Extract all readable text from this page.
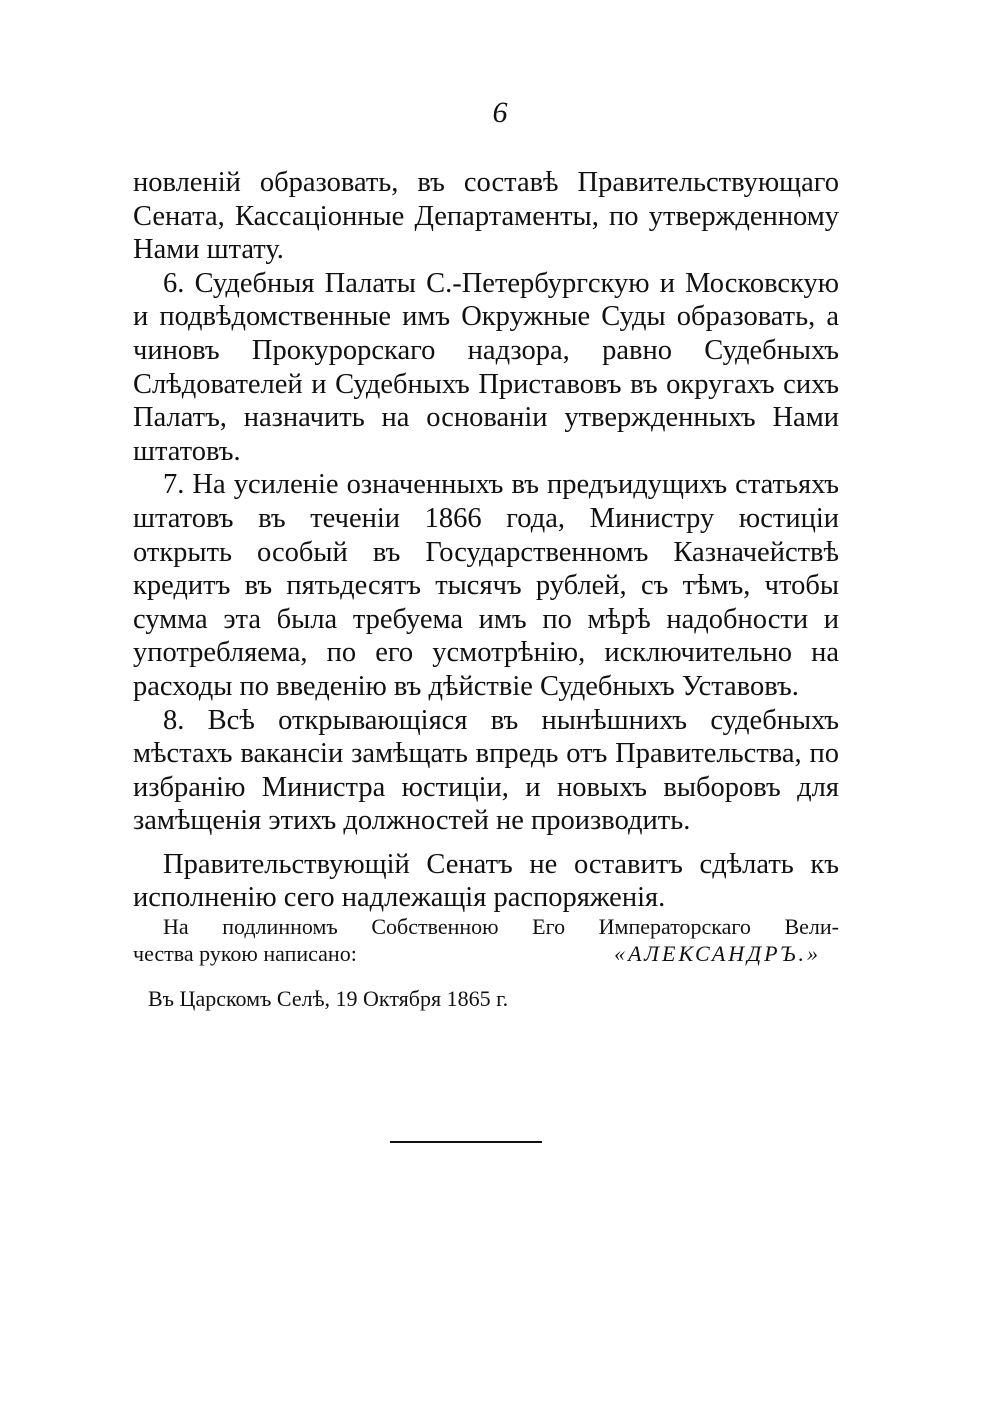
6

новленій образовать, въ составѣ Правительствующаго Сената, Кассаціонные Департаменты, по утвержденному Нами штату.

6. Судебныя Палаты С.-Петербургскую и Московскую и подвѣдомственные имъ Окружные Суды образовать, а чиновъ Прокурорскаго надзора, равно Судебныхъ Слѣдователей и Судебныхъ Приставовъ въ округахъ сихъ Палатъ, назначить на основаніи утвержденныхъ Нами штатовъ.

7. На усиленіе означенныхъ въ предъидущихъ статьяхъ штатовъ въ теченіи 1866 года, Министру юстиціи открыть особый въ Государственномъ Казначействѣ кредитъ въ пятьдесятъ тысячъ рублей, съ тѣмъ, чтобы сумма эта была требуема имъ по мѣрѣ надобности и употребляема, по его усмотрѣнію, исключительно на расходы по введенію въ дѣйствіе Судебныхъ Уставовъ.

8. Всѣ открывающіяся въ нынѣшнихъ судебныхъ мѣстахъ вакансіи замѣщать впредь отъ Правительства, по избранію Министра юстиціи, и новыхъ выборовъ для замѣщенія этихъ должностей не производить.

Правительствующій Сенатъ не оставитъ сдѣлать къ исполненію сего надлежащія распоряженія.

На подлинномъ Собственною Его Императорскаго Вели-

чества рукою написано:	«АЛЕКСАНДРЪ.»

Въ Царскомъ Селѣ, 19 Октября 1865 г.
